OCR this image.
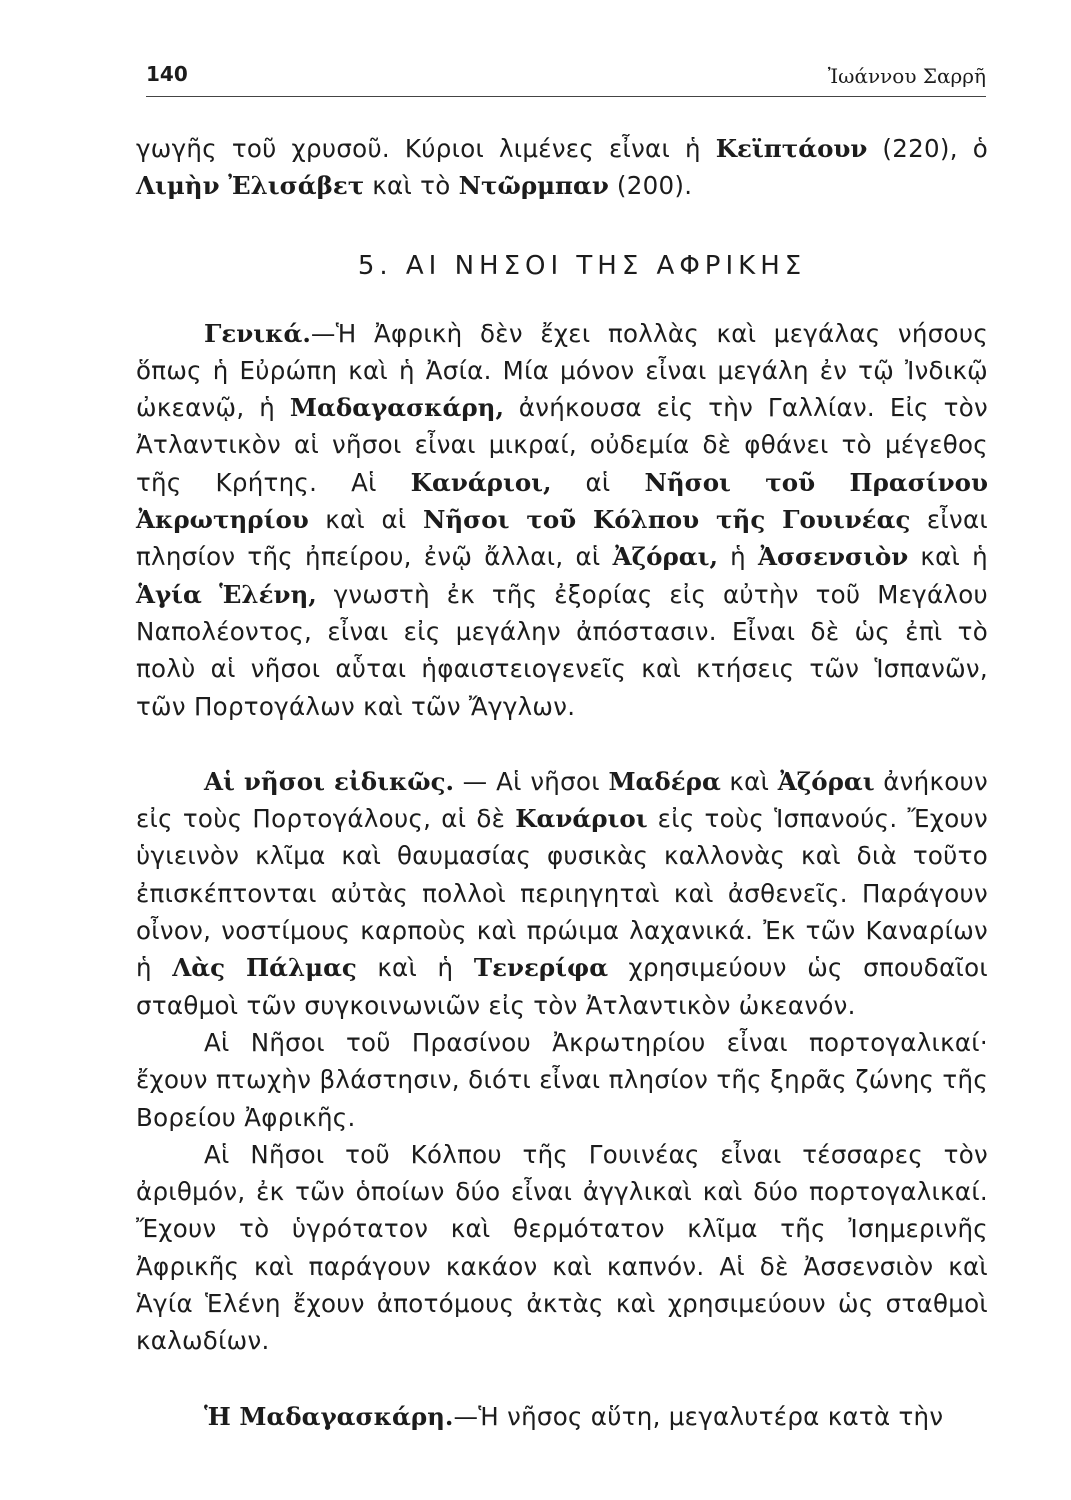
140	Ἰωάννου Σαρρῆ

γωγῆς τοῦ χρυσοῦ. Κύριοι λιμένες εἶναι ἡ Κεϊπτάουν (220), ὁ Λιμὴν Ἐλισάβετ καὶ τὸ Ντῶρμπαν (200).

5. ΑΙ ΝΗΣΟΙ ΤΗΣ ΑΦΡΙΚΗΣ

Γενικά.—Ἡ Ἀφρικὴ δὲν ἔχει πολλὰς καὶ μεγάλας νήσους ὅπως ἡ Εὐρώπη καὶ ἡ Ἀσία. Μία μόνον εἶναι μεγάλη ἐν τῷ Ἰνδικῷ ὠκεανῷ, ἡ Μαδαγασκάρη, ἀνήκουσα εἰς τὴν Γαλλίαν. Εἰς τὸν Ἀτλαντικὸν αἱ νῆσοι εἶναι μικραί, οὐδεμία δὲ φθάνει τὸ μέγεθος τῆς Κρήτης. Αἱ Κανάριοι, αἱ Νῆσοι τοῦ Πρασίνου Ἀκρωτηρίου καὶ αἱ Νῆσοι τοῦ Κόλπου τῆς Γουινέας εἶναι πλησίον τῆς ἠπείρου, ἐνῷ ἄλλαι, αἱ Ἀζόραι, ἡ Ἀσσενσιὸν καὶ ἡ Ἁγία Ἑλένη, γνωστὴ ἐκ τῆς ἐξορίας εἰς αὐτὴν τοῦ Μεγάλου Ναπολέοντος, εἶναι εἰς μεγάλην ἀπόστασιν. Εἶναι δὲ ὡς ἐπὶ τὸ πολὺ αἱ νῆσοι αὗται ἡφαιστειογενεῖς καὶ κτήσεις τῶν Ἱσπανῶν, τῶν Πορτογάλων καὶ τῶν Ἄγγλων.

Αἱ νῆσοι εἰδικῶς. — Αἱ νῆσοι Μαδέρα καὶ Ἀζόραι ἀνήκουν εἰς τοὺς Πορτογάλους, αἱ δὲ Κανάριοι εἰς τοὺς Ἱσπανούς. Ἔχουν ὑγιεινὸν κλῖμα καὶ θαυμασίας φυσικὰς καλλονὰς καὶ διὰ τοῦτο ἐπισκέπτονται αὐτὰς πολλοὶ περιηγηταὶ καὶ ἀσθενεῖς. Παράγουν οἶνον, νοστίμους καρποὺς καὶ πρώιμα λαχανικά. Ἐκ τῶν Καναρίων ἡ Λὰς Πάλμας καὶ ἡ Τενερίφα χρησιμεύουν ὡς σπουδαῖοι σταθμοὶ τῶν συγκοινωνιῶν εἰς τὸν Ἀτλαντικὸν ὠκεανόν.

Αἱ Νῆσοι τοῦ Πρασίνου Ἀκρωτηρίου εἶναι πορτογαλικαί· ἔχουν πτωχὴν βλάστησιν, διότι εἶναι πλησίον τῆς ξηρᾶς ζώνης τῆς Βορείου Ἀφρικῆς.

Αἱ Νῆσοι τοῦ Κόλπου τῆς Γουινέας εἶναι τέσσαρες τὸν ἀριθμόν, ἐκ τῶν ὁποίων δύο εἶναι ἀγγλικαὶ καὶ δύο πορτογαλικαί. Ἔχουν τὸ ὑγρότατον καὶ θερμότατον κλῖμα τῆς Ἰσημερινῆς Ἀφρικῆς καὶ παράγουν κακάον καὶ καπνόν. Αἱ δὲ Ἀσσενσιὸν καὶ Ἁγία Ἑλένη ἔχουν ἀποτόμους ἀκτὰς καὶ χρησιμεύουν ὡς σταθμοὶ καλωδίων.

Ἡ Μαδαγασκάρη.—Ἡ νῆσος αὕτη, μεγαλυτέρα κατὰ τὴν
